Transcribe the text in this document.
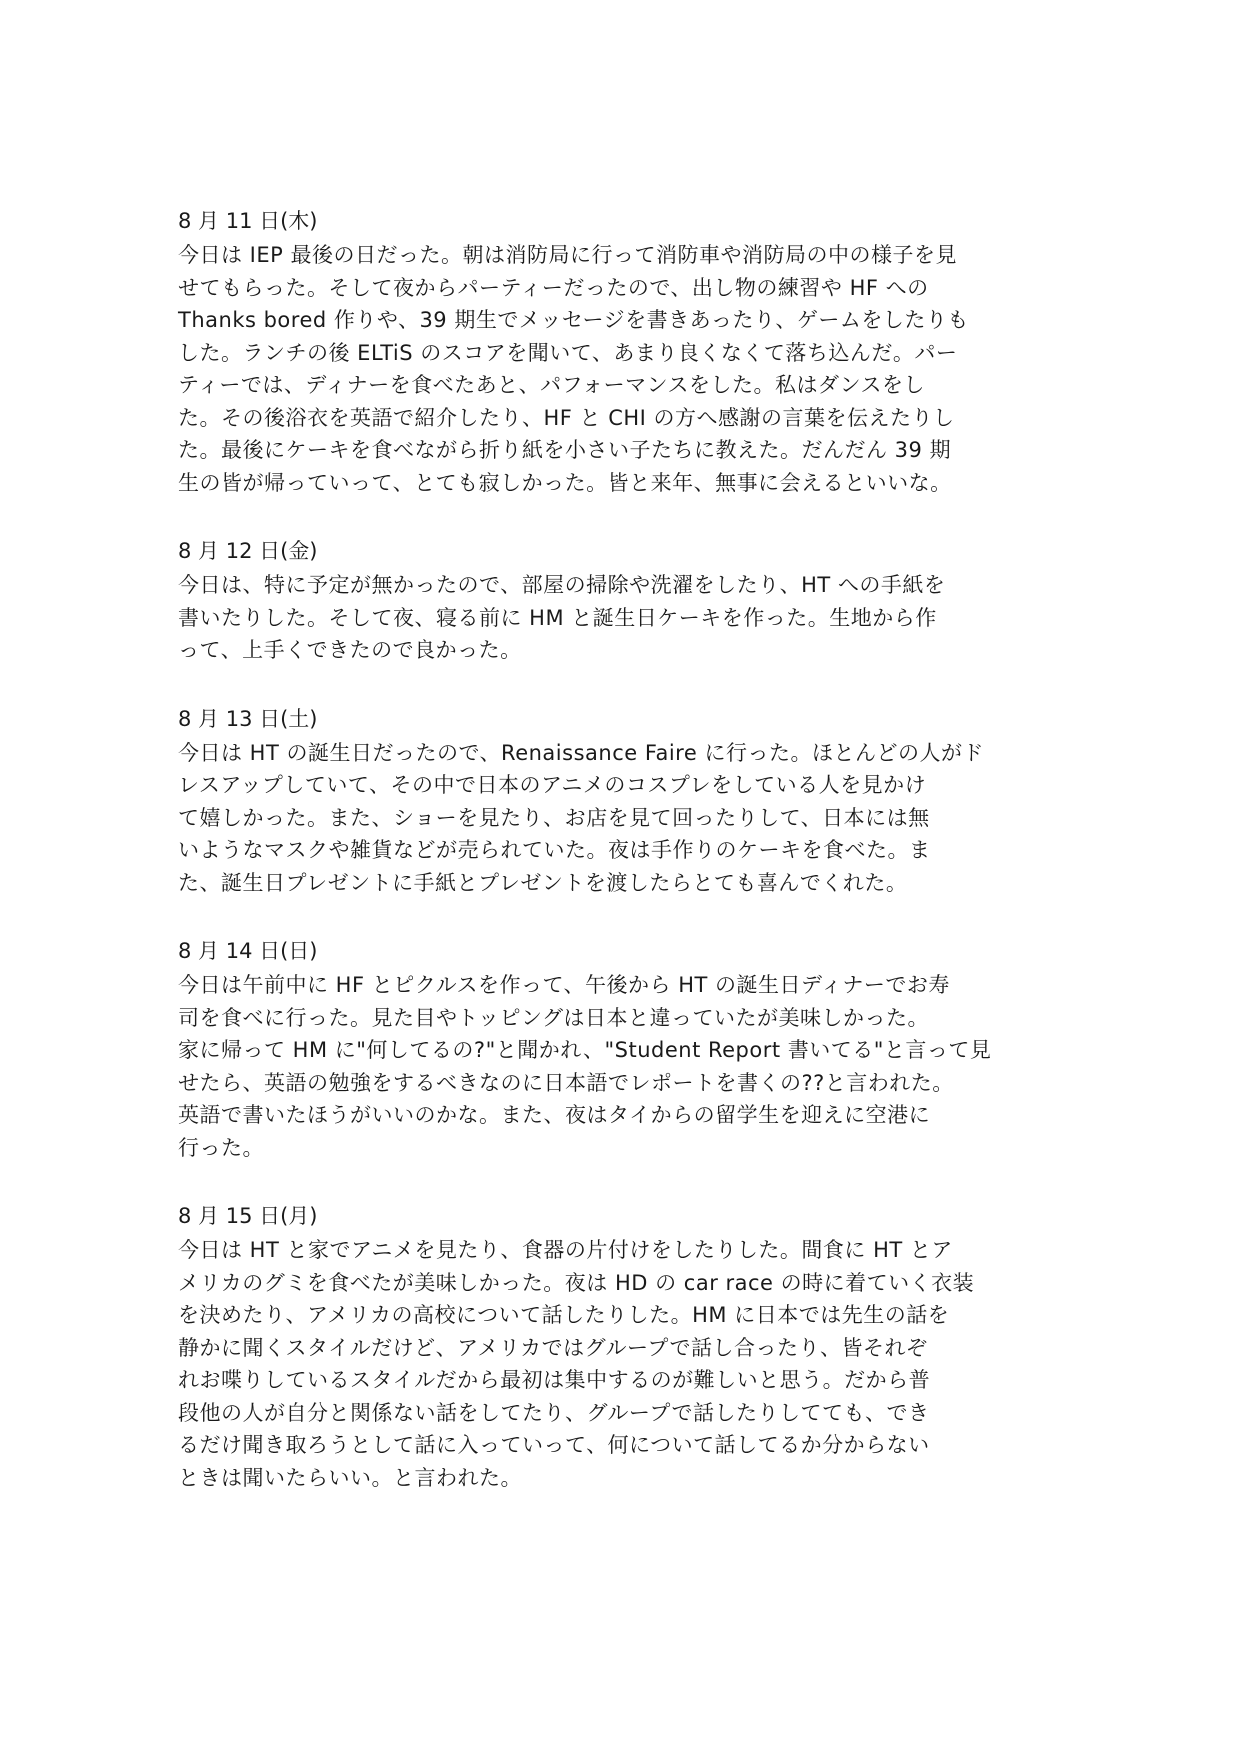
8 月 11 日(木)
今日は IEP 最後の日だった。朝は消防局に行って消防車や消防局の中の様子を見
せてもらった。そして夜からパーティーだったので、出し物の練習や HF への
Thanks bored 作りや、39 期生でメッセージを書きあったり、ゲームをしたりも
した。ランチの後 ELTiS のスコアを聞いて、あまり良くなくて落ち込んだ。パー
ティーでは、ディナーを食べたあと、パフォーマンスをした。私はダンスをし
た。その後浴衣を英語で紹介したり、HF と CHI の方へ感謝の言葉を伝えたりし
た。最後にケーキを食べながら折り紙を小さい子たちに教えた。だんだん 39 期
生の皆が帰っていって、とても寂しかった。皆と来年、無事に会えるといいな。
8 月 12 日(金)
今日は、特に予定が無かったので、部屋の掃除や洗濯をしたり、HT への手紙を
書いたりした。そして夜、寝る前に HM と誕生日ケーキを作った。生地から作
って、上手くできたので良かった。
8 月 13 日(土)
今日は HT の誕生日だったので、Renaissance Faire に行った。ほとんどの人がド
レスアップしていて、その中で日本のアニメのコスプレをしている人を見かけ
て嬉しかった。また、ショーを見たり、お店を見て回ったりして、日本には無
いようなマスクや雑貨などが売られていた。夜は手作りのケーキを食べた。ま
た、誕生日プレゼントに手紙とプレゼントを渡したらとても喜んでくれた。
8 月 14 日(日)
今日は午前中に HF とピクルスを作って、午後から HT の誕生日ディナーでお寿
司を食べに行った。見た目やトッピングは日本と違っていたが美味しかった。
家に帰って HM に"何してるの?"と聞かれ、"Student Report 書いてる"と言って見
せたら、英語の勉強をするべきなのに日本語でレポートを書くの??と言われた。
英語で書いたほうがいいのかな。また、夜はタイからの留学生を迎えに空港に
行った。
8 月 15 日(月)
今日は HT と家でアニメを見たり、食器の片付けをしたりした。間食に HT とア
メリカのグミを食べたが美味しかった。夜は HD の car race の時に着ていく衣装
を決めたり、アメリカの高校について話したりした。HM に日本では先生の話を
静かに聞くスタイルだけど、アメリカではグループで話し合ったり、皆それぞ
れお喋りしているスタイルだから最初は集中するのが難しいと思う。だから普
段他の人が自分と関係ない話をしてたり、グループで話したりしてても、でき
るだけ聞き取ろうとして話に入っていって、何について話してるか分からない
ときは聞いたらいい。と言われた。
